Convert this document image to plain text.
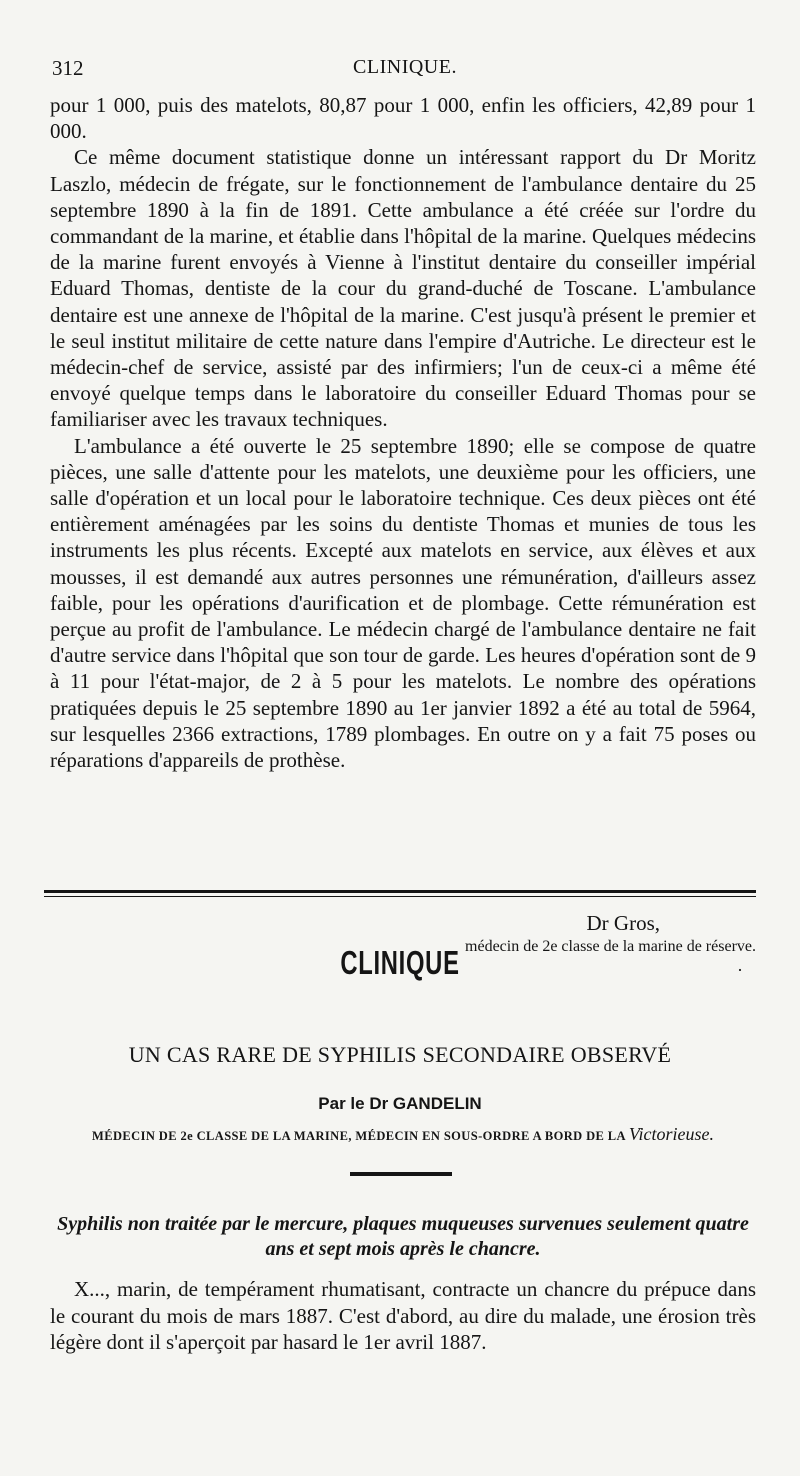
312	CLINIQUE.

pour 1 000, puis des matelots, 80,87 pour 1 000, enfin les officiers, 42,89 pour 1 000.

Ce même document statistique donne un intéressant rapport du Dr Moritz Laszlo, médecin de frégate, sur le fonctionnement de l'ambulance dentaire du 25 septembre 1890 à la fin de 1891. Cette ambulance a été créée sur l'ordre du commandant de la marine, et établie dans l'hôpital de la marine. Quelques médecins de la marine furent envoyés à Vienne à l'institut dentaire du conseiller impérial Eduard Thomas, dentiste de la cour du grand-duché de Toscane. L'ambulance dentaire est une annexe de l'hôpital de la marine. C'est jusqu'à présent le premier et le seul institut militaire de cette nature dans l'empire d'Autriche. Le directeur est le médecin-chef de service, assisté par des infirmiers; l'un de ceux-ci a même été envoyé quelque temps dans le laboratoire du conseiller Eduard Thomas pour se familiariser avec les travaux techniques.

L'ambulance a été ouverte le 25 septembre 1890; elle se compose de quatre pièces, une salle d'attente pour les matelots, une deuxième pour les officiers, une salle d'opération et un local pour le laboratoire technique. Ces deux pièces ont été entièrement aménagées par les soins du dentiste Thomas et munies de tous les instruments les plus récents. Excepté aux matelots en service, aux élèves et aux mousses, il est demandé aux autres personnes une rémunération, d'ailleurs assez faible, pour les opérations d'aurification et de plombage. Cette rémunération est perçue au profit de l'ambulance. Le médecin chargé de l'ambulance dentaire ne fait d'autre service dans l'hôpital que son tour de garde. Les heures d'opération sont de 9 à 11 pour l'état-major, de 2 à 5 pour les matelots. Le nombre des opérations pratiquées depuis le 25 septembre 1890 au 1er janvier 1892 a été au total de 5964, sur lesquelles 2366 extractions, 1789 plombages. En outre on y a fait 75 poses ou réparations d'appareils de prothèse.

Dr Gros,
médecin de 2e classe de la marine de réserve.
CLINIQUE	·
UN CAS RARE DE SYPHILIS SECONDAIRE OBSERVÉ
Par le Dr GANDELIN
MÉDECIN DE 2e CLASSE DE LA MARINE, MÉDECIN EN SOUS-ORDRE A BORD DE LA Victorieuse.
Syphilis non traitée par le mercure, plaques muqueuses survenues seulement quatre ans et sept mois après le chancre.

X..., marin, de tempérament rhumatisant, contracte un chancre du prépuce dans le courant du mois de mars 1887. C'est d'abord, au dire du malade, une érosion très légère dont il s'aperçoit par hasard le 1er avril 1887.
